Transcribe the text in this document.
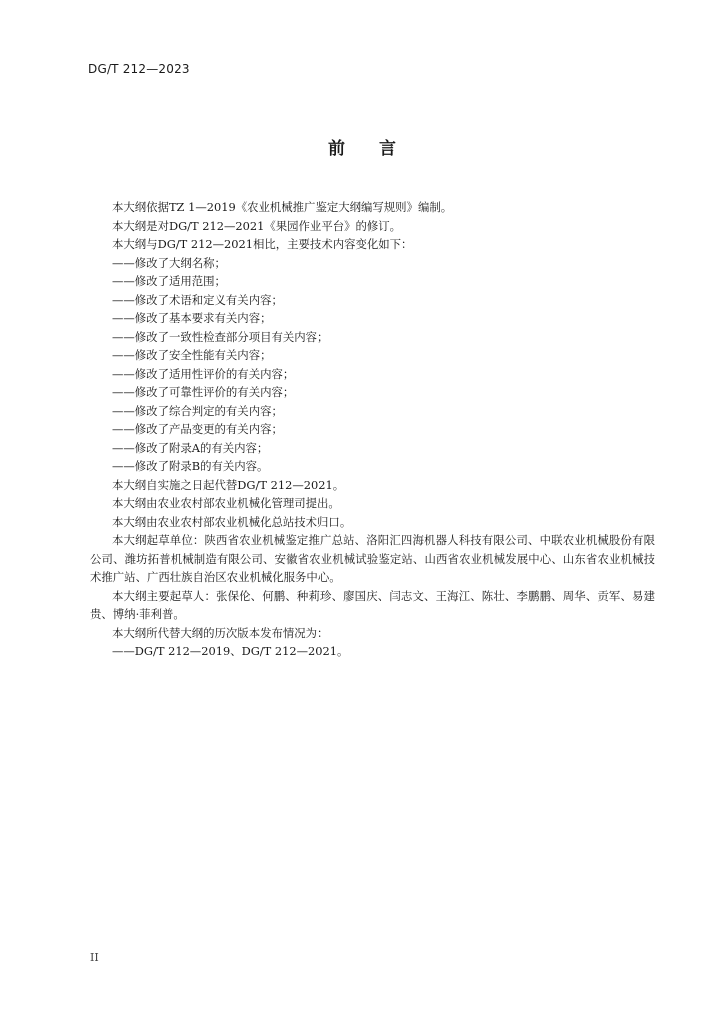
DG/T 212—2023
前　　言

本大纲依据TZ 1—2019《农业机械推广鉴定大纲编写规则》编制。

本大纲是对DG/T 212—2021《果园作业平台》的修订。

本大纲与DG/T 212—2021相比，主要技术内容变化如下：

——修改了大纲名称；

——修改了适用范围；

——修改了术语和定义有关内容；

——修改了基本要求有关内容；

——修改了一致性检查部分项目有关内容；

——修改了安全性能有关内容；

——修改了适用性评价的有关内容；

——修改了可靠性评价的有关内容；

——修改了综合判定的有关内容；

——修改了产品变更的有关内容；

——修改了附录A的有关内容；

——修改了附录B的有关内容。

本大纲自实施之日起代替DG/T 212—2021。

本大纲由农业农村部农业机械化管理司提出。

本大纲由农业农村部农业机械化总站技术归口。

本大纲起草单位：陕西省农业机械鉴定推广总站、洛阳汇四海机器人科技有限公司、中联农业机械股份有限公司、潍坊拓普机械制造有限公司、安徽省农业机械试验鉴定站、山西省农业机械发展中心、山东省农业机械技术推广站、广西壮族自治区农业机械化服务中心。

本大纲主要起草人：张保伦、何鹏、种莉珍、廖国庆、闫志文、王海江、陈壮、李鹏鹏、周华、贡军、易建贵、博纳·菲利普。

本大纲所代替大纲的历次版本发布情况为：

——DG/T 212—2019、DG/T 212—2021。

II
